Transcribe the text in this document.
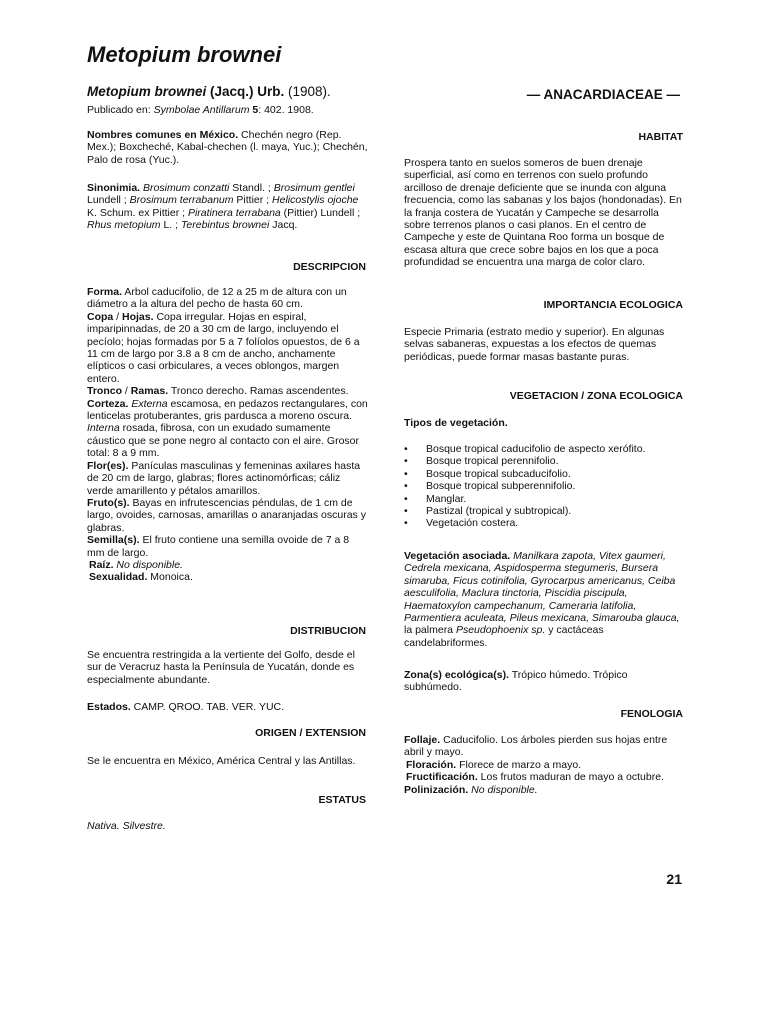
Metopium brownei
Metopium brownei (Jacq.) Urb. (1908).
Publicado en: Symbolae Antillarum 5: 402. 1908.
— ANACARDIACEAE —
Nombres comunes en México. Chechén negro (Rep. Mex.); Boxcheché, Kabal-chechen (l. maya, Yuc.); Chechén, Palo de rosa (Yuc.).
Sinonimia. Brosimum conzatti Standl. ; Brosimum gentlei Lundell ; Brosimum terrabanum Pittier ; Helicostylis ojoche K. Schum. ex Pittier ; Piratinera terrabana (Pittier) Lundell ; Rhus metopium L. ; Terebintus brownei Jacq.
DESCRIPCION
Forma. Arbol caducifolio, de 12 a 25 m de altura con un diámetro a la altura del pecho de hasta 60 cm.
Copa / Hojas. Copa irregular. Hojas en espiral, imparipinnadas, de 20 a 30 cm de largo, incluyendo el pecíolo; hojas formadas por 5 a 7 folíolos opuestos, de 6 a 11 cm de largo por 3.8 a 8 cm de ancho, anchamente elípticos o casi orbiculares, a veces oblongos, margen entero.
Tronco / Ramas. Tronco derecho. Ramas ascendentes.
Corteza. Externa escamosa, en pedazos rectangulares, con lenticelas protuberantes, gris pardusca a moreno oscura. Interna rosada, fibrosa, con un exudado sumamente cáustico que se pone negro al contacto con el aire. Grosor total: 8 a 9 mm.
Flor(es). Panículas masculinas y femeninas axilares hasta de 20 cm de largo, glabras; flores actinomórficas; cáliz verde amarillento y pétalos amarillos.
Fruto(s). Bayas en infrutescencias péndulas, de 1 cm de largo, ovoides, carnosas, amarillas o anaranjadas oscuras y glabras.
Semilla(s). El fruto contiene una semilla ovoide de 7 a 8 mm de largo.
Raíz. No disponible.
Sexualidad. Monoica.
DISTRIBUCION
Se encuentra restringida a la vertiente del Golfo, desde el sur de Veracruz hasta la Península de Yucatán, donde es especialmente abundante.
Estados. CAMP. QROO. TAB. VER. YUC.
ORIGEN / EXTENSION
Se le encuentra en México, América Central y las Antillas.
ESTATUS
Nativa. Silvestre.
HABITAT
Prospera tanto en suelos someros de buen drenaje superficial, así como en terrenos con suelo profundo arcilloso de drenaje deficiente que se inunda con alguna frecuencia, como las sabanas y los bajos (hondonadas). En la franja costera de Yucatán y Campeche se desarrolla sobre terrenos planos o casi planos. En el centro de Campeche y este de Quintana Roo forma un bosque de escasa altura que crece sobre bajos en los que a poca profundidad se encuentra una marga de color claro.
IMPORTANCIA ECOLOGICA
Especie Primaria (estrato medio y superior). En algunas selvas sabaneras, expuestas a los efectos de quemas periódicas, puede formar masas bastante puras.
VEGETACION / ZONA ECOLOGICA
Tipos de vegetación.
• Bosque tropical caducifolio de aspecto xerófito.
• Bosque tropical perennifolio.
• Bosque tropical subcaducifolio.
• Bosque tropical subperennifolio.
• Manglar.
• Pastizal (tropical y subtropical).
• Vegetación costera.
Vegetación asociada. Manilkara zapota, Vitex gaumeri, Cedrela mexicana, Aspidosperma stegumeris, Bursera simaruba, Ficus cotinifolia, Gyrocarpus americanus, Ceiba aesculifolia, Maclura tinctoria, Piscidia piscipula, Haematoxylon campechanum, Cameraria latifolia, Parmentiera aculeata, Pileus mexicana, Simarouba glauca, la palmera Pseudophoenix sp. y cactáceas candelabriformes.
Zona(s) ecológica(s). Trópico húmedo. Trópico subhúmedo.
FENOLOGIA
Follaje. Caducifolio. Los árboles pierden sus hojas entre abril y mayo.
Floración. Florece de marzo a mayo.
Fructificación. Los frutos maduran de mayo a octubre.
Polinización. No disponible.
21
